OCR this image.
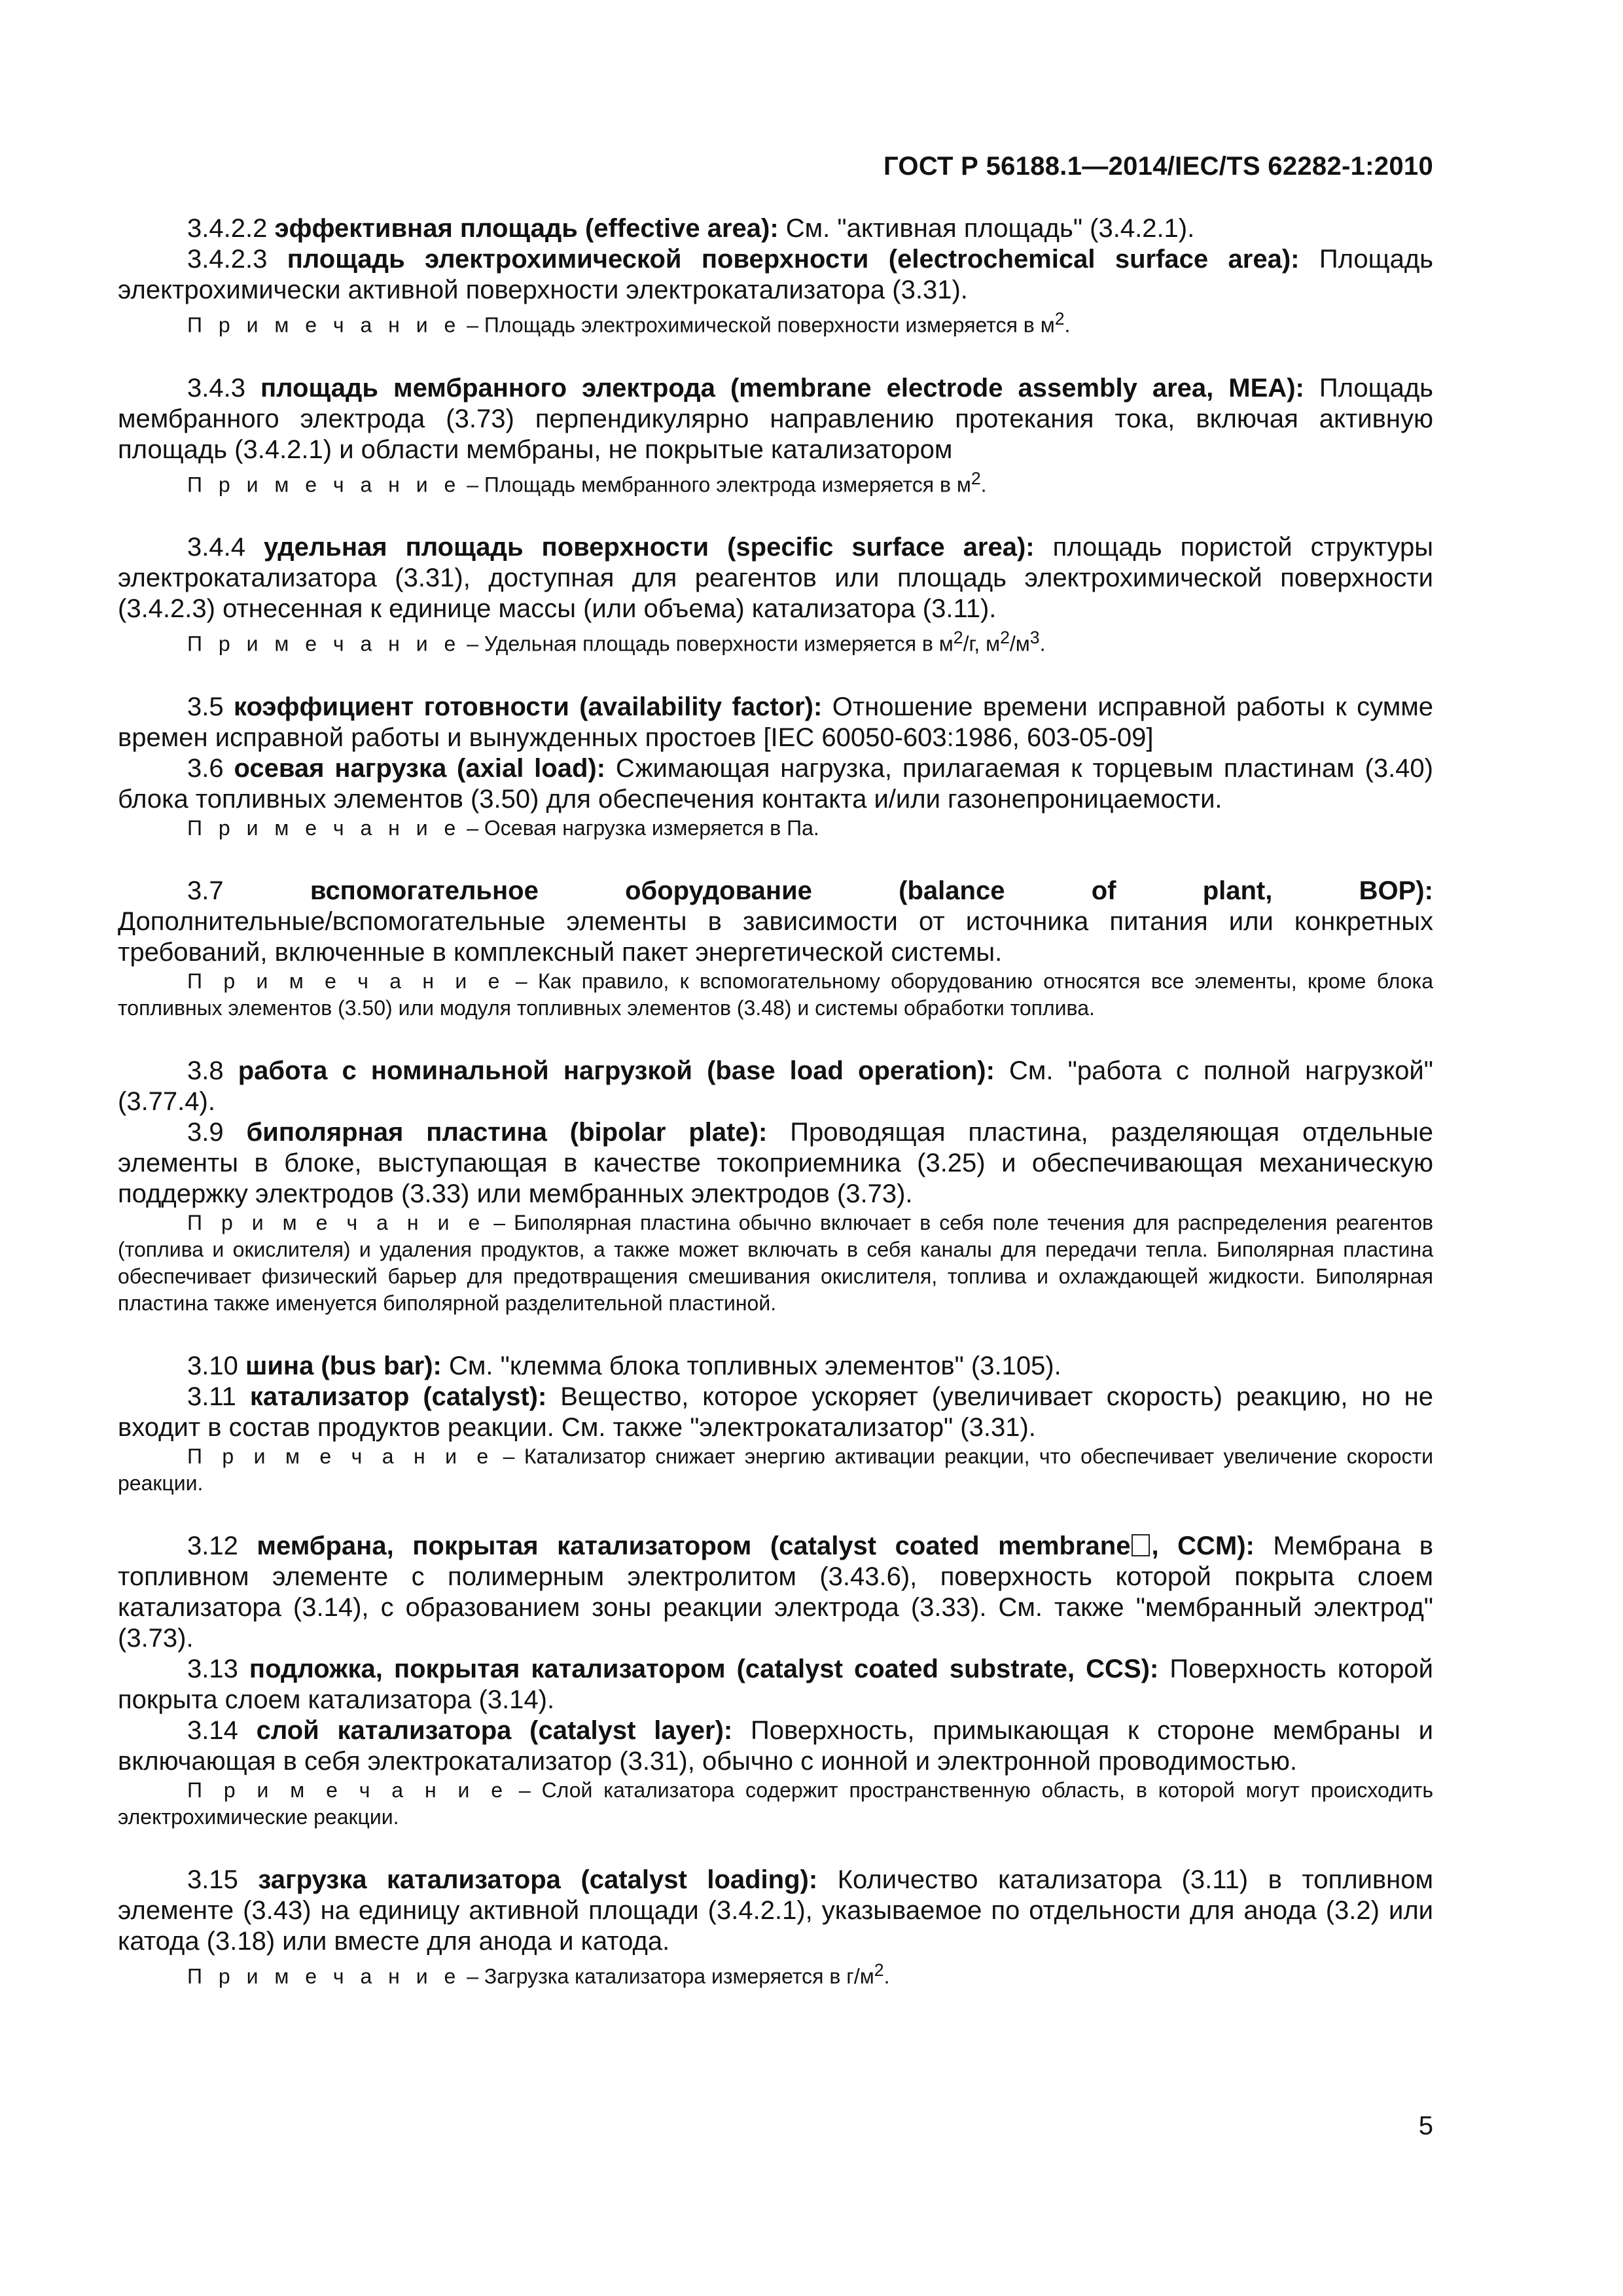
ГОСТ Р 56188.1—2014/IEC/TS 62282-1:2010

3.4.2.2 эффективная площадь (effective area): См. "активная площадь" (3.4.2.1).

3.4.2.3 площадь электрохимической поверхности (electrochemical surface area): Площадь электрохимически активной поверхности электрокатализатора (3.31).

П р и м е ч а н и е – Площадь электрохимической поверхности измеряется в $м^2$.

3.4.3 площадь мембранного электрода (membrane electrode assembly area, MEA): Площадь мембранного электрода (3.73) перпендикулярно направлению протекания тока, включая активную площадь (3.4.2.1) и области мембраны, не покрытые катализатором

П р и м е ч а н и е – Площадь мембранного электрода измеряется в $м^2$.

3.4.4 удельная площадь поверхности (specific surface area): площадь пористой структуры электрокатализатора (3.31), доступная для реагентов или площадь электрохимической поверхности (3.4.2.3) отнесенная к единице массы (или объема) катализатора (3.11).

П р и м е ч а н и е – Удельная площадь поверхности измеряется в $м^2/г$, $м^2/м^3$.

3.5 коэффициент готовности (availability factor): Отношение времени исправной работы к сумме времен исправной работы и вынужденных простоев [IEC 60050-603:1986, 603-05-09]

3.6 осевая нагрузка (axial load): Сжимающая нагрузка, прилагаемая к торцевым пластинам (3.40) блока топливных элементов (3.50) для обеспечения контакта и/или газонепроницаемости.

П р и м е ч а н и е – Осевая нагрузка измеряется в Па.

3.7	вспомогательное	оборудование	(balance	of	plant,	BOP):

Дополнительные/вспомогательные элементы в зависимости от источника питания или конкретных требований, включенные в комплексный пакет энергетической системы.

П р и м е ч а н и е – Как правило, к вспомогательному оборудованию относятся все элементы, кроме блока топливных элементов (3.50) или модуля топливных элементов (3.48) и системы обработки топлива.

3.8 работа с номинальной нагрузкой (base load operation): См. "работа с полной нагрузкой" (3.77.4).

3.9 биполярная пластина (bipolar plate): Проводящая пластина, разделяющая отдельные элементы в блоке, выступающая в качестве токоприемника (3.25) и обеспечивающая механическую поддержку электродов (3.33) или мембранных электродов (3.73).

П р и м е ч а н и е – Биполярная пластина обычно включает в себя поле течения для распределения реагентов (топлива и окислителя) и удаления продуктов, а также может включать в себя каналы для передачи тепла. Биполярная пластина обеспечивает физический барьер для предотвращения смешивания окислителя, топлива и охлаждающей жидкости. Биполярная пластина также именуется биполярной разделительной пластиной.

3.10 шина (bus bar): См. "клемма блока топливных элементов" (3.105).

3.11 катализатор (catalyst): Вещество, которое ускоряет (увеличивает скорость) реакцию, но не входит в состав продуктов реакции. См. также "электрокатализатор" (3.31).

П р и м е ч а н и е – Катализатор снижает энергию активации реакции, что обеспечивает увеличение скорости реакции.

3.12 мембрана, покрытая катализатором (catalyst coated membrane , CCM): Мембрана в топливном элементе с полимерным электролитом (3.43.6), поверхность которой покрыта слоем катализатора (3.14), с образованием зоны реакции электрода (3.33). См. также "мембранный электрод" (3.73).

3.13 подложка, покрытая катализатором (catalyst coated substrate, CCS): Поверхность которой покрыта слоем катализатора (3.14).

3.14 слой катализатора (catalyst layer): Поверхность, примыкающая к стороне мембраны и включающая в себя электрокатализатор (3.31), обычно с ионной и электронной проводимостью.

П р и м е ч а н и е – Слой катализатора содержит пространственную область, в которой могут происходить электрохимические реакции.

3.15 загрузка катализатора (catalyst loading): Количество катализатора (3.11) в топливном элементе (3.43) на единицу активной площади (3.4.2.1), указываемое по отдельности для анода (3.2) или катода (3.18) или вместе для анода и катода.

П р и м е ч а н и е – Загрузка катализатора измеряется в $г/м^2$.

5
